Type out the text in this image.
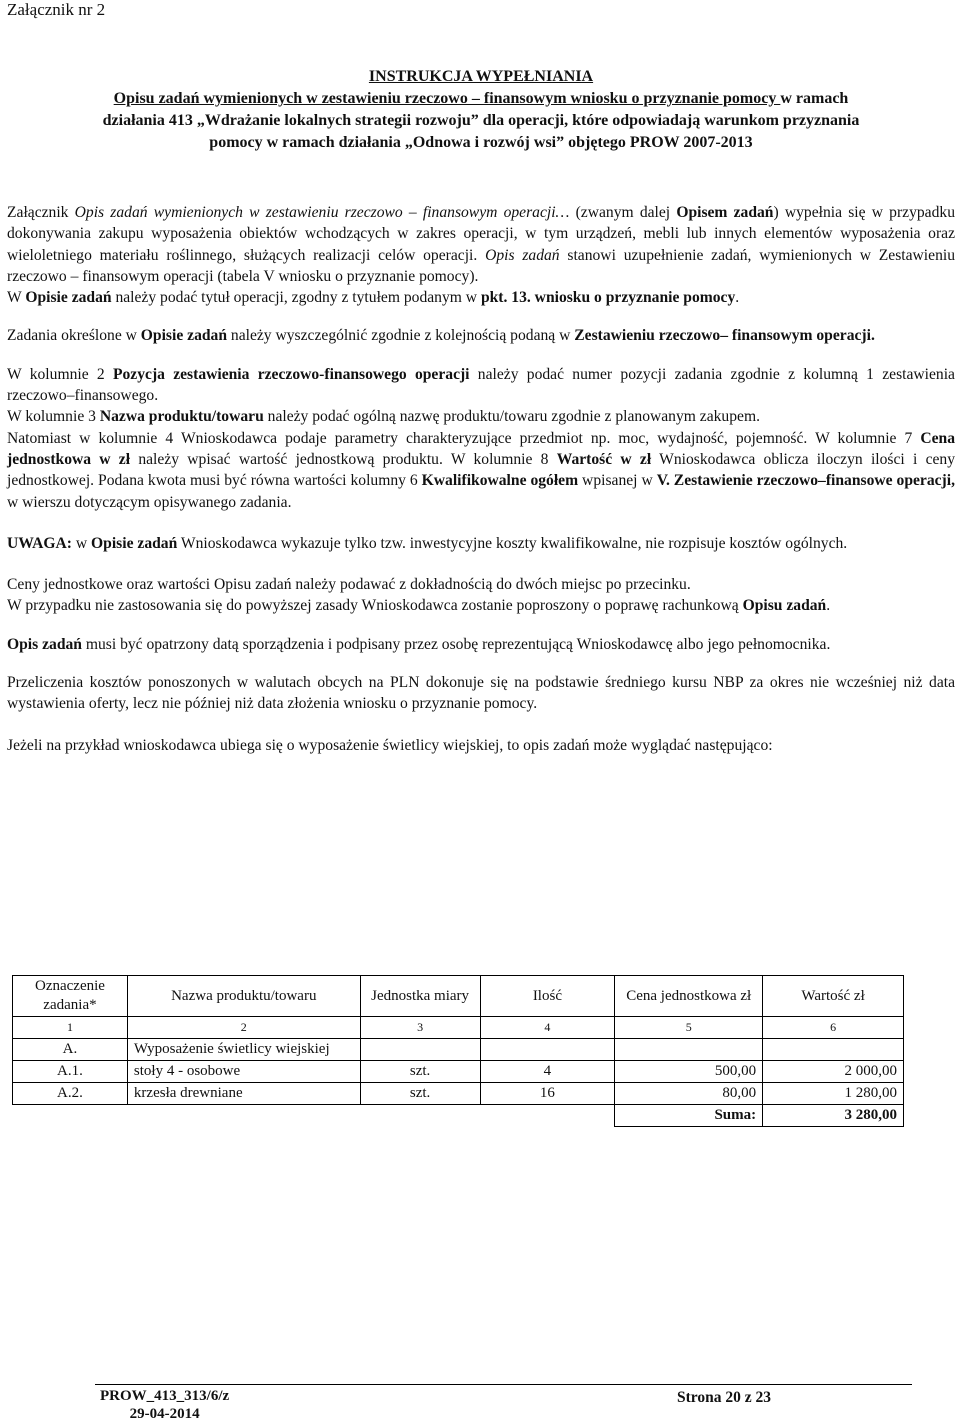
Załącznik nr 2
INSTRUKCJA WYPEŁNIANIA
Opisu zadań wymienionych w zestawieniu rzeczowo – finansowym wniosku o przyznanie pomocy w ramach
działania 413 „Wdrażanie lokalnych strategii rozwoju” dla operacji, które odpowiadają warunkom przyznania
pomocy w ramach działania „Odnowa i rozwój wsi” objętego PROW 2007-2013

Załącznik Opis zadań wymienionych w zestawieniu rzeczowo – finansowym operacji… (zwanym dalej Opisem zadań) wypełnia się w przypadku dokonywania zakupu wyposażenia obiektów wchodzących w zakres operacji, w tym urządzeń, mebli lub innych elementów wyposażenia oraz wieloletniego materiału roślinnego, służących realizacji celów operacji. Opis zadań stanowi uzupełnienie zadań, wymienionych w Zestawieniu rzeczowo – finansowym operacji (tabela V wniosku o przyznanie pomocy).

W Opisie zadań należy podać tytuł operacji, zgodny z tytułem podanym w pkt. 13. wniosku o przyznanie pomocy.

Zadania określone w Opisie zadań należy wyszczególnić zgodnie z kolejnością podaną w Zestawieniu rzeczowo– finansowym operacji.

W kolumnie 2 Pozycja zestawienia rzeczowo-finansowego operacji należy podać numer pozycji zadania zgodnie z kolumną 1 zestawienia rzeczowo–finansowego.

W kolumnie 3 Nazwa produktu/towaru należy podać ogólną nazwę produktu/towaru zgodnie z planowanym zakupem.

Natomiast w kolumnie 4 Wnioskodawca podaje parametry charakteryzujące przedmiot np. moc, wydajność, pojemność. W kolumnie 7 Cena jednostkowa w zł należy wpisać wartość jednostkową produktu. W kolumnie 8 Wartość w zł Wnioskodawca oblicza iloczyn ilości i ceny jednostkowej. Podana kwota musi być równa wartości kolumny 6 Kwalifikowalne ogółem wpisanej w V. Zestawienie rzeczowo–finansowe operacji, w wierszu dotyczącym opisywanego zadania.

UWAGA: w Opisie zadań Wnioskodawca wykazuje tylko tzw. inwestycyjne koszty kwalifikowalne, nie rozpisuje kosztów ogólnych.

Ceny jednostkowe oraz wartości Opisu zadań należy podawać z dokładnością do dwóch miejsc po przecinku.

W przypadku nie zastosowania się do powyższej zasady Wnioskodawca zostanie poproszony o poprawę rachunkową Opisu zadań.

Opis zadań musi być opatrzony datą sporządzenia i podpisany przez osobę reprezentującą Wnioskodawcę albo jego pełnomocnika.

Przeliczenia kosztów ponoszonych w walutach obcych na PLN dokonuje się na podstawie średniego kursu NBP za okres nie wcześniej niż data wystawienia oferty, lecz nie później niż data złożenia wniosku o przyznanie pomocy.

Jeżeli na przykład wnioskodawca ubiega się o wyposażenie świetlicy wiejskiej, to opis zadań może wyglądać następująco:

Oznaczenie zadania*	Nazwa produktu/towaru	Jednostka miary	Ilość	Cena jednostkowa zł	Wartość zł
1	2	3	4	5	6
A.	Wyposażenie świetlicy wiejskiej				
A.1.	stoły 4 - osobowe	szt.	4	500,00	2 000,00
A.2.	krzesła drewniane	szt.	16	80,00	1 280,00
				Suma:	3 280,00
PROW_413_313/6/z
29-04-2014
Strona 20 z 23
